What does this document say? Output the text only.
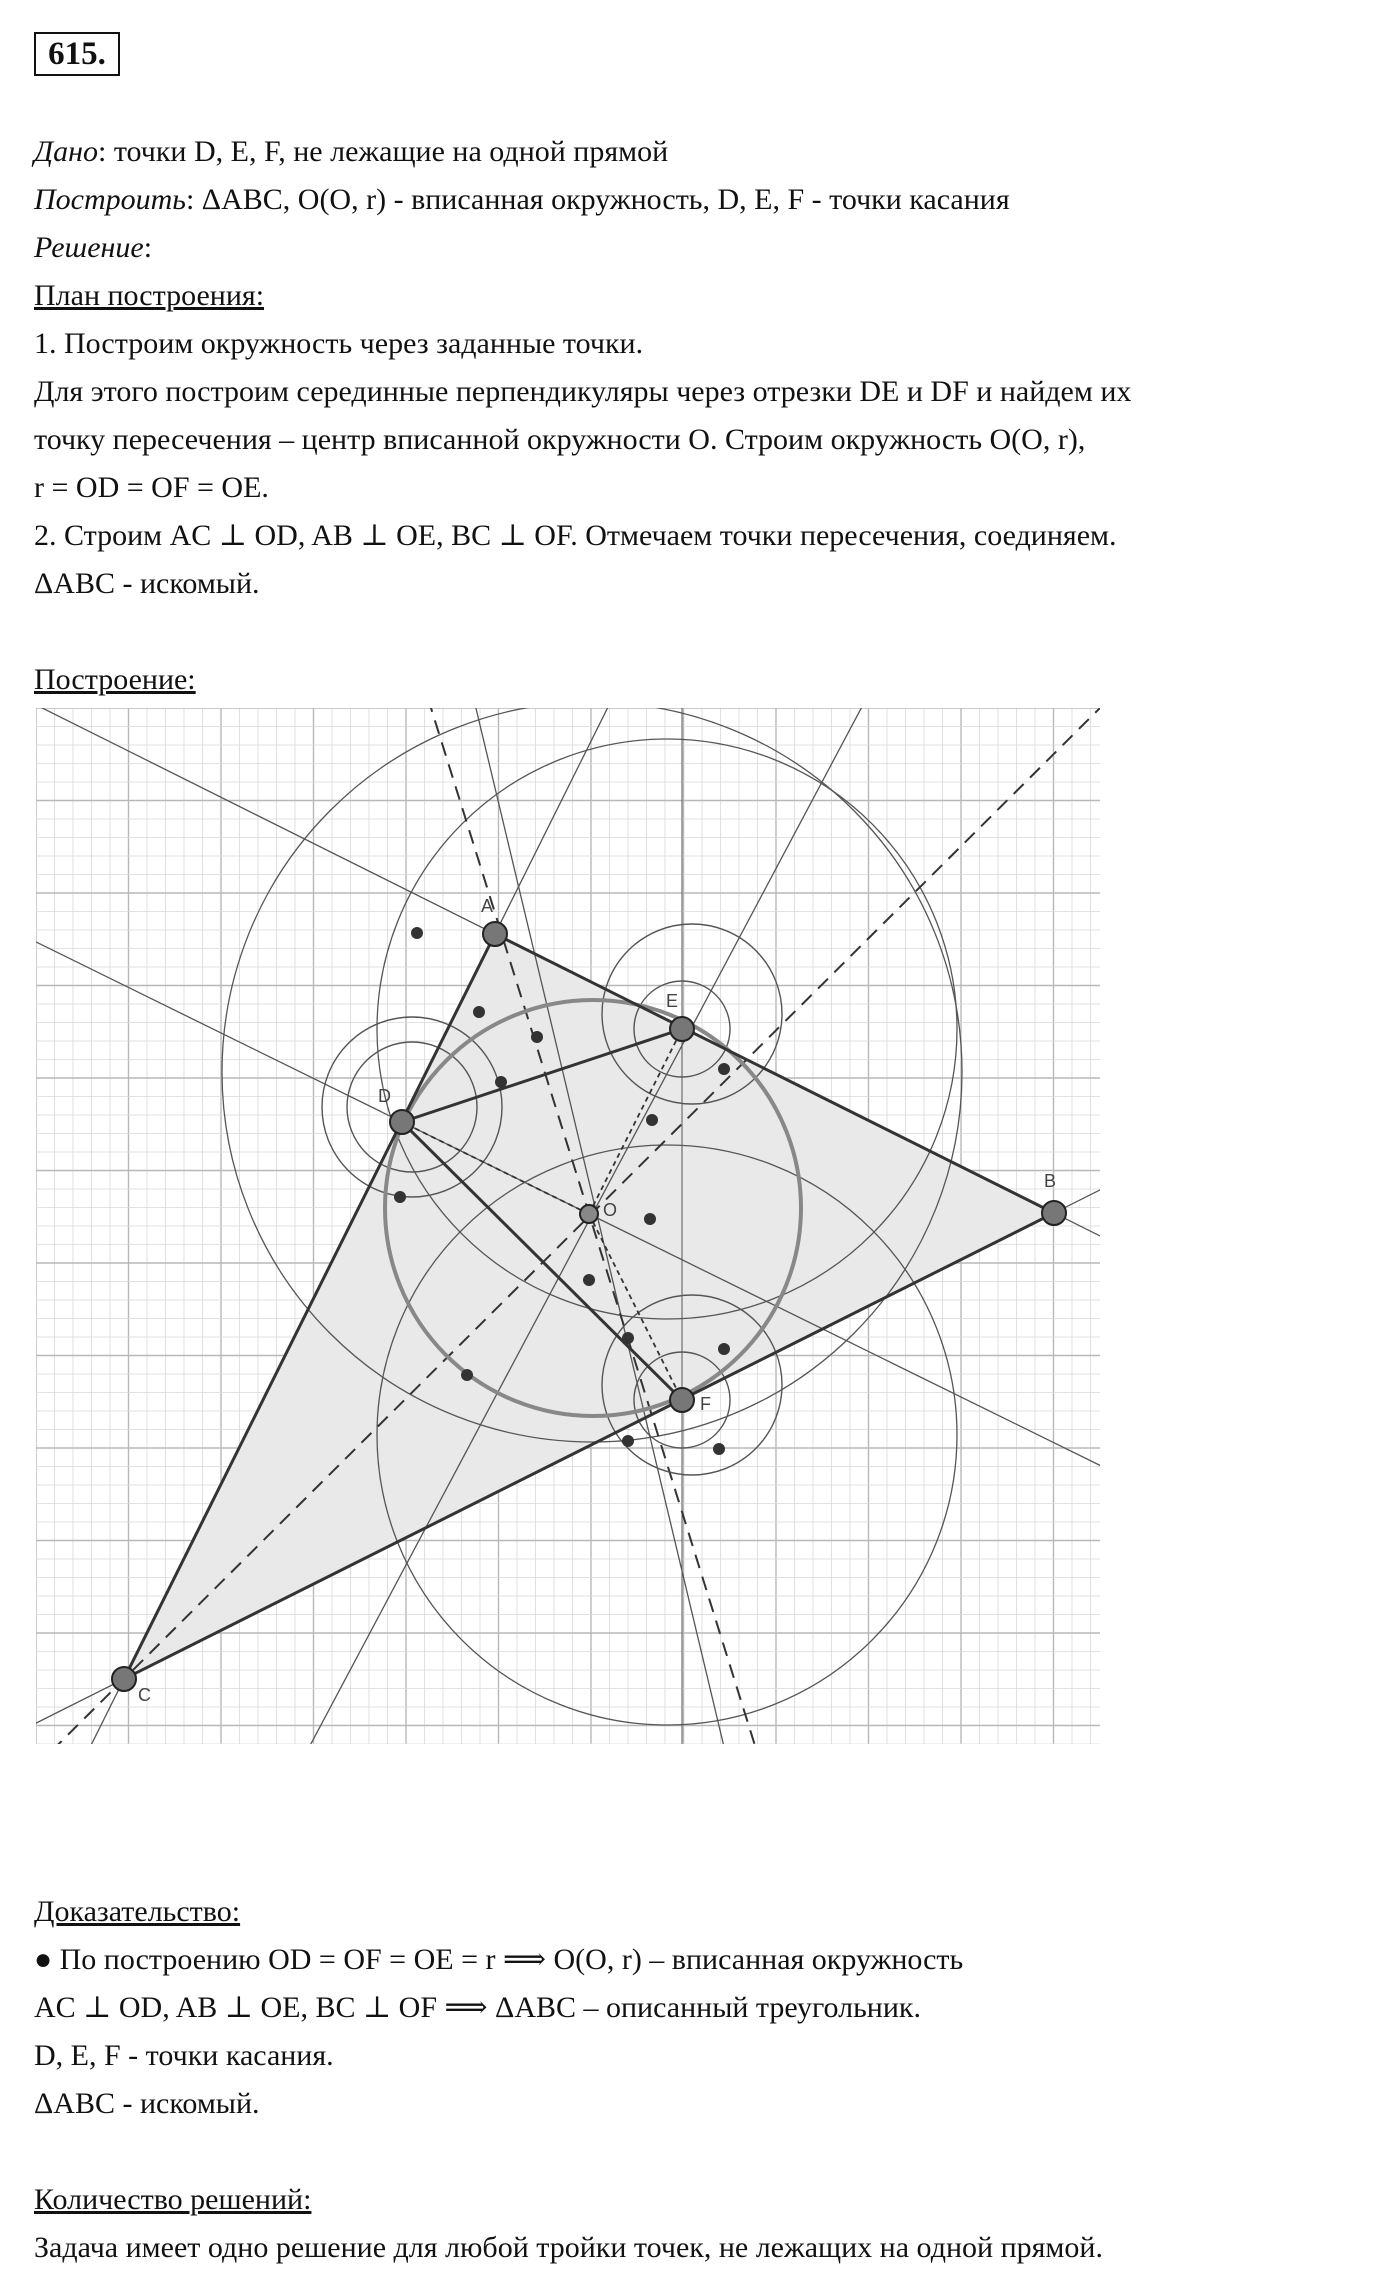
615.
Дано: точки D, E, F, не лежащие на одной прямой
Построить: ΔABC, O(O, r) - вписанная окружность, D, E, F - точки касания
Решение:
План построения:
1. Построим окружность через заданные точки.
Для этого построим серединные перпендикуляры через отрезки DE и DF и найдем их
точку пересечения – центр вписанной окружности O. Строим окружность O(O, r),
r = OD = OF = OE.
2. Строим AC ⊥ OD, AB ⊥ OE, BC ⊥ OF. Отмечаем точки пересечения, соединяем.
ΔABC - искомый.
Построение:
A
B
C
D
E
F
O
Доказательство:
● По построению OD = OF = OE = r ⟹ O(O, r) – вписанная окружность
AC ⊥ OD, AB ⊥ OE, BC ⊥ OF ⟹ ΔABC – описанный треугольник.
D, E, F - точки касания.
ΔABC - искомый.
Количество решений:
Задача имеет одно решение для любой тройки точек, не лежащих на одной прямой.
